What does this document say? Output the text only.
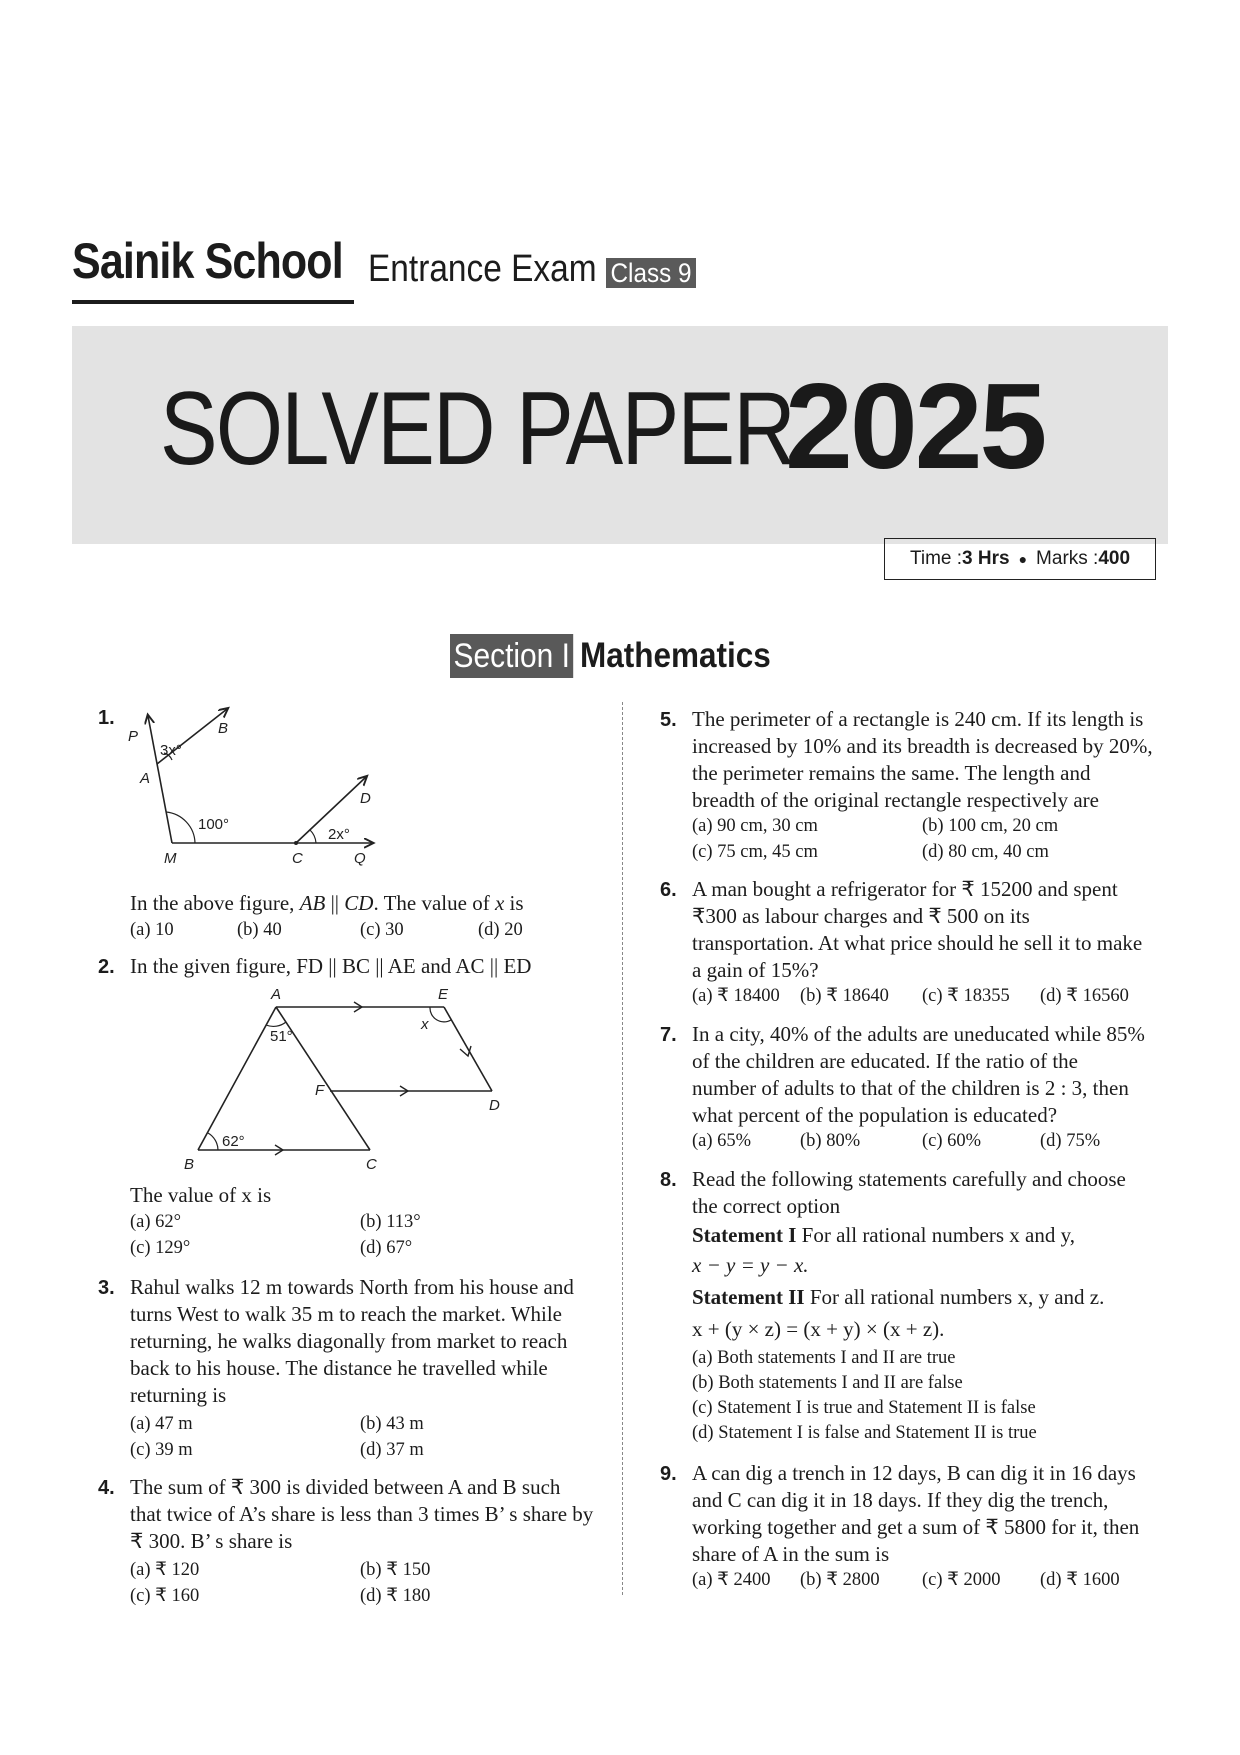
Sainik School Entrance Exam Class 9
SOLVED PAPER
2025
Time : 3 Hrs ● Marks : 400
Section I Mathematics
1.
P	B
A
M	C	Q
D
3x°
100°
2x°
In the above figure, AB || CD. The value of x is
(a) 10	(b) 40	(c) 30	(d) 20
2. In the given figure, FD || BC || AE and AC || ED
A	E
F
D
B	C
x
51°
62°
The value of x is
(a) 62°	(b) 113°
(c) 129°	(d) 67°
3. Rahul walks 12 m towards North from his house and
turns West to walk 35 m to reach the market. While
returning, he walks diagonally from market to reach
back to his house. The distance he travelled while
returning is
(a) 47 m	(b) 43 m
(c) 39 m	(d) 37 m
4. The sum of ₹ 300 is divided between A and B such
that twice of A’s share is less than 3 times B’ s share by
₹ 300. B’ s share is
(a) ₹ 120	(b) ₹ 150
(c) ₹ 160	(d) ₹ 180
5. The perimeter of a rectangle is 240 cm. If its length is
increased by 10% and its breadth is decreased by 20%,
the perimeter remains the same. The length and
breadth of the original rectangle respectively are
(a) 90 cm, 30 cm	(b) 100 cm, 20 cm
(c) 75 cm, 45 cm	(d) 80 cm, 40 cm
6. A man bought a refrigerator for ₹ 15200 and spent
₹300 as labour charges and ₹ 500 on its
transportation. At what price should he sell it to make
a gain of 15%?
(a) ₹ 18400 (b) ₹ 18640 (c) ₹ 18355 (d) ₹ 16560
7. In a city, 40% of the adults are uneducated while 85%
of the children are educated. If the ratio of the
number of adults to that of the children is 2 : 3, then
what percent of the population is educated?
(a) 65%	(b) 80%	(c) 60%	(d) 75%
8. Read the following statements carefully and choose
the correct option
Statement I For all rational numbers x and y,
x − y = y − x.
Statement II For all rational numbers x, y and z.
x + (y × z) = (x + y) × (x + z).
(a) Both statements I and II are true
(b) Both statements I and II are false
(c) Statement I is true and Statement II is false
(d) Statement I is false and Statement II is true
9. A can dig a trench in 12 days, B can dig it in 16 days
and C can dig it in 18 days. If they dig the trench,
working together and get a sum of ₹ 5800 for it, then
share of A in the sum is
(a) ₹ 2400 (b) ₹ 2800 (c) ₹ 2000 (d) ₹ 1600
